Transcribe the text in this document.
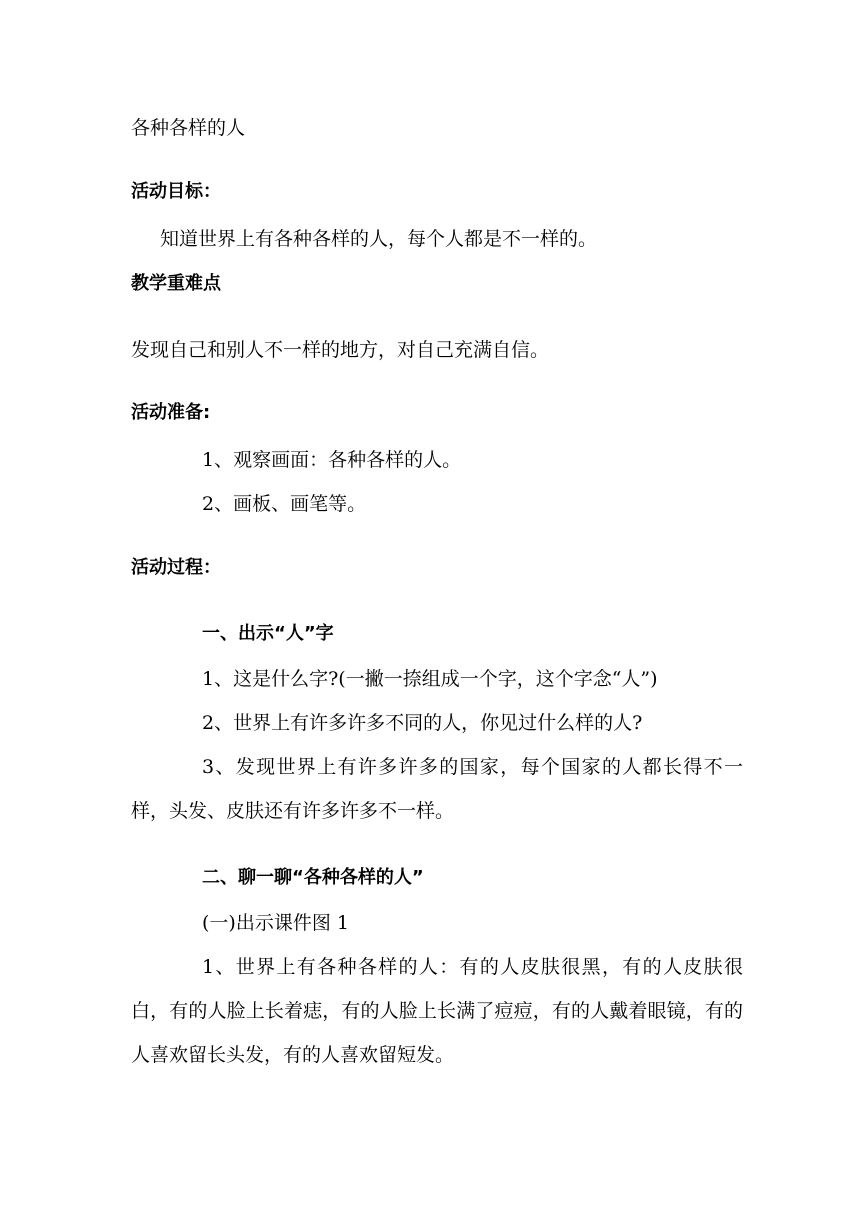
各种各样的人

活动目标：

知道世界上有各种各样的人，每个人都是不一样的。

教学重难点

发现自己和别人不一样的地方，对自己充满自信。

活动准备:

1、观察画面：各种各样的人。

2、画板、画笔等。

活动过程：

一、出示“人”字

1、这是什么字?(一撇一捺组成一个字，这个字念“人”)

2、世界上有许多许多不同的人，你见过什么样的人?

3、发现世界上有许多许多的国家，每个国家的人都长得不一样，头发、皮肤还有许多许多不一样。

二、聊一聊“各种各样的人”

(一)出示课件图 1

1、世界上有各种各样的人：有的人皮肤很黑，有的人皮肤很白，有的人脸上长着痣，有的人脸上长满了痘痘，有的人戴着眼镜，有的人喜欢留长头发，有的人喜欢留短发。
